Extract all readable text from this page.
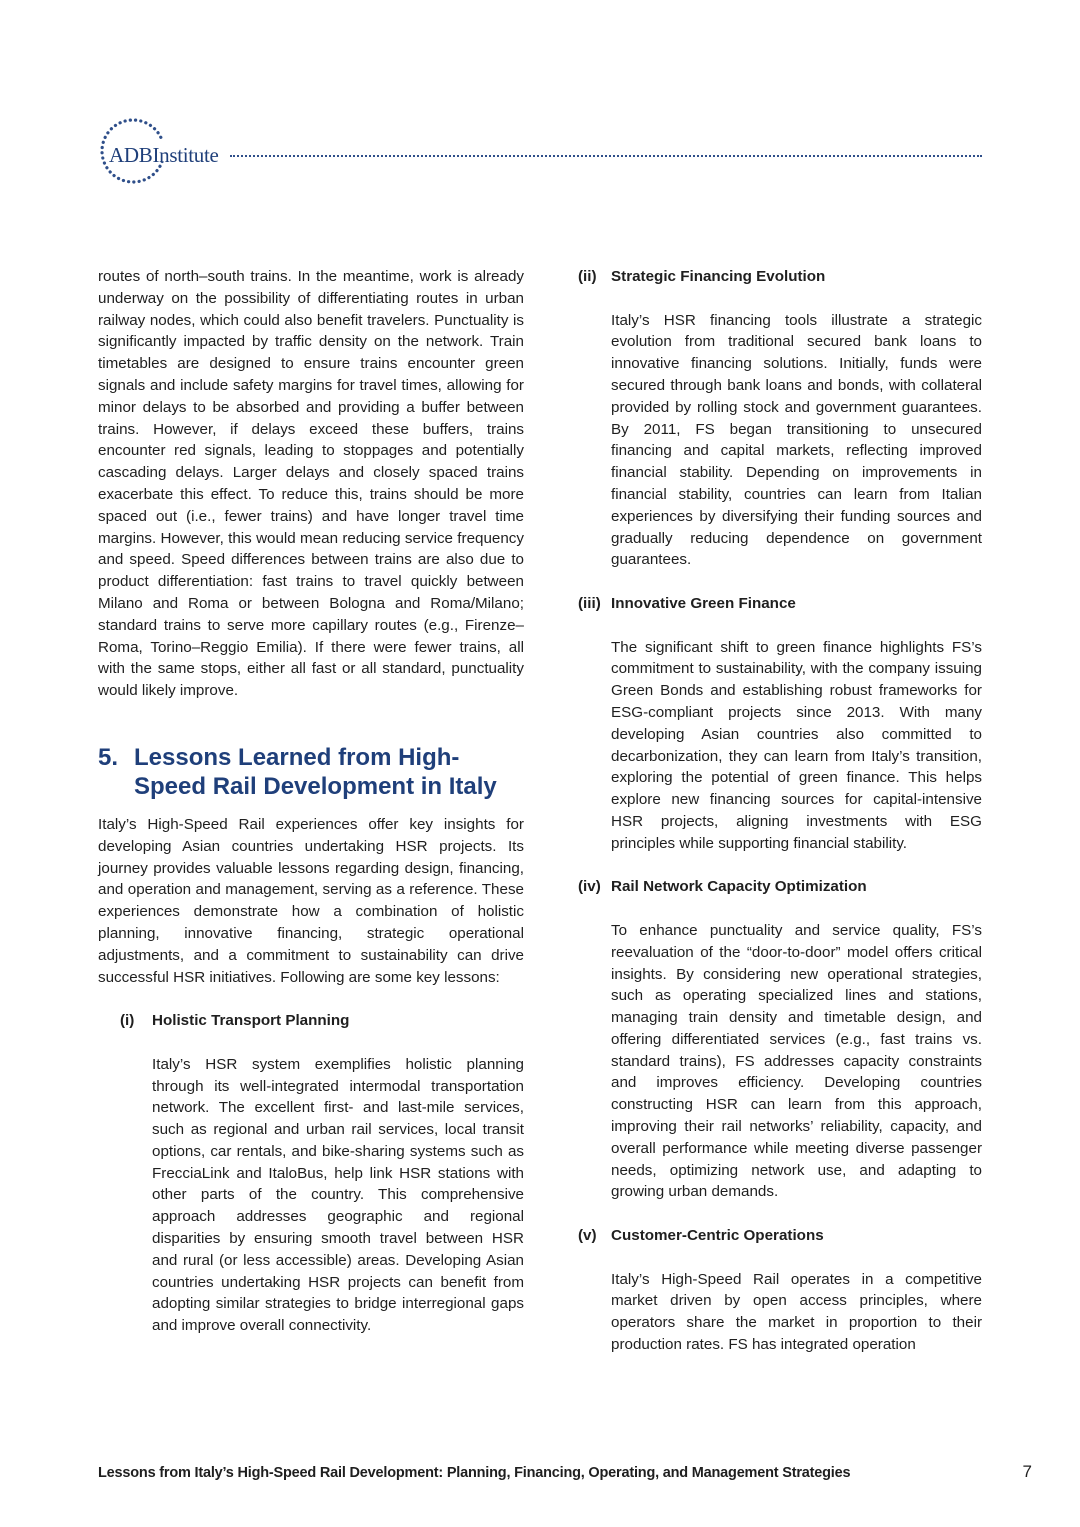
ADBInstitute

routes of north–south trains. In the meantime, work is already underway on the possibility of differentiating routes in urban railway nodes, which could also benefit travelers. Punctuality is significantly impacted by traffic density on the network. Train timetables are designed to ensure trains encounter green signals and include safety margins for travel times, allowing for minor delays to be absorbed and providing a buffer between trains. However, if delays exceed these buffers, trains encounter red signals, leading to stoppages and potentially cascading delays. Larger delays and closely spaced trains exacerbate this effect. To reduce this, trains should be more spaced out (i.e., fewer trains) and have longer travel time margins. However, this would mean reducing service frequency and speed. Speed differences between trains are also due to product differentiation: fast trains to travel quickly between Milano and Roma or between Bologna and Roma/Milano; standard trains to serve more capillary routes (e.g., Firenze–Roma, Torino–Reggio Emilia). If there were fewer trains, all with the same stops, either all fast or all standard, punctuality would likely improve.

5. Lessons Learned from High-Speed Rail Development in Italy

Italy’s High-Speed Rail experiences offer key insights for developing Asian countries undertaking HSR projects. Its journey provides valuable lessons regarding design, financing, and operation and management, serving as a reference. These experiences demonstrate how a combination of holistic planning, innovative financing, strategic operational adjustments, and a commitment to sustainability can drive successful HSR initiatives. Following are some key lessons:

(i)	Holistic Transport Planning

Italy’s HSR system exemplifies holistic planning through its well-integrated intermodal transportation network. The excellent first- and last-mile services, such as regional and urban rail services, local transit options, car rentals, and bike-sharing systems such as FrecciaLink and ItaloBus, help link HSR stations with other parts of the country. This comprehensive approach addresses geographic and regional disparities by ensuring smooth travel between HSR and rural (or less accessible) areas. Developing Asian countries undertaking HSR projects can benefit from adopting similar strategies to bridge interregional gaps and improve overall connectivity.

(ii) Strategic Financing Evolution

Italy’s HSR financing tools illustrate a strategic evolution from traditional secured bank loans to innovative financing solutions. Initially, funds were secured through bank loans and bonds, with collateral provided by rolling stock and government guarantees. By 2011, FS began transitioning to unsecured financing and capital markets, reflecting improved financial stability. Depending on improvements in financial stability, countries can learn from Italian experiences by diversifying their funding sources and gradually reducing dependence on government guarantees.

(iii) Innovative Green Finance

The significant shift to green finance highlights FS’s commitment to sustainability, with the company issuing Green Bonds and establishing robust frameworks for ESG-compliant projects since 2013. With many developing Asian countries also committed to decarbonization, they can learn from Italy’s transition, exploring the potential of green finance. This helps explore new financing sources for capital-intensive HSR projects, aligning investments with ESG principles while supporting financial stability.

(iv) Rail Network Capacity Optimization

To enhance punctuality and service quality, FS’s reevaluation of the “door-to-door” model offers critical insights. By considering new operational strategies, such as operating specialized lines and stations, managing train density and timetable design, and offering differentiated services (e.g., fast trains vs. standard trains), FS addresses capacity constraints and improves efficiency. Developing countries constructing HSR can learn from this approach, improving their rail networks’ reliability, capacity, and overall performance while meeting diverse passenger needs, optimizing network use, and adapting to growing urban demands.

(v) Customer-Centric Operations

Italy’s High-Speed Rail operates in a competitive market driven by open access principles, where operators share the market in proportion to their production rates. FS has integrated operation

Lessons from Italy’s High-Speed Rail Development: Planning, Financing, Operating, and Management Strategies	7
